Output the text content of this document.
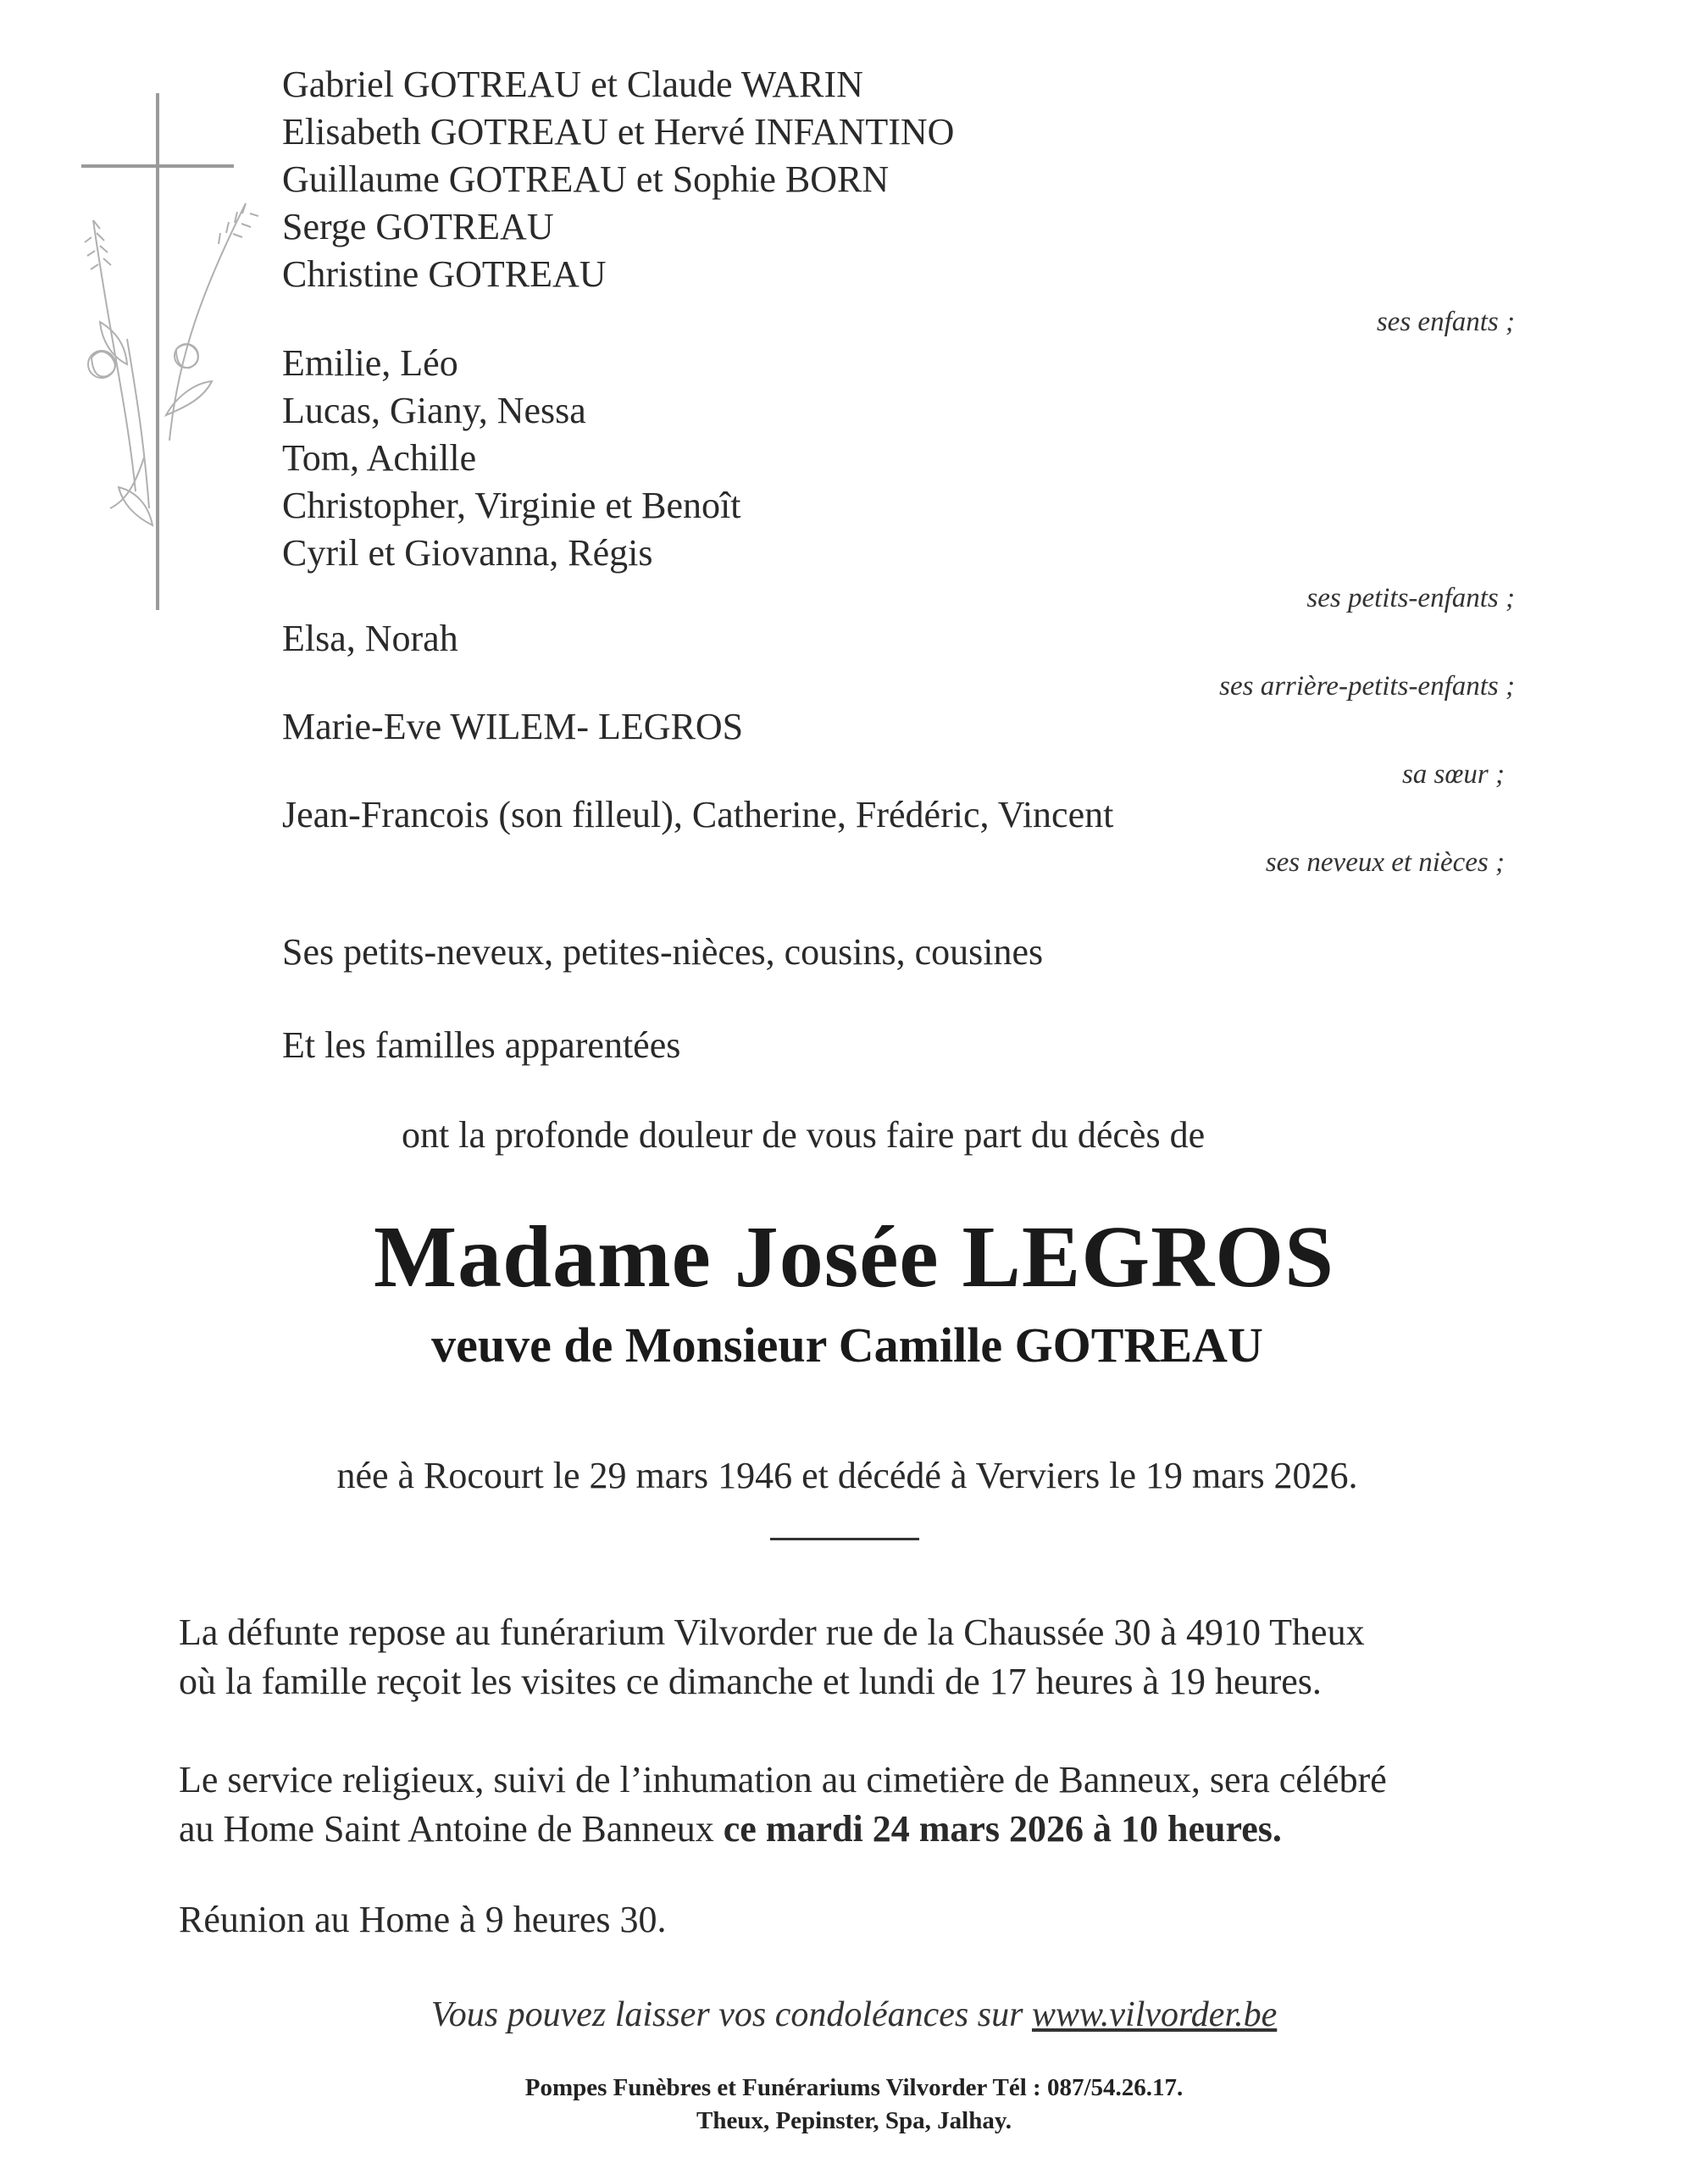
Gabriel GOTREAU et Claude WARIN
Elisabeth GOTREAU et Hervé INFANTINO
Guillaume GOTREAU et Sophie BORN
Serge GOTREAU
Christine GOTREAU
ses enfants ;
Emilie, Léo
Lucas, Giany, Nessa
Tom, Achille
Christopher, Virginie et Benoît
Cyril et Giovanna, Régis
ses petits-enfants ;
Elsa, Norah
ses arrière-petits-enfants ;
Marie-Eve WILEM- LEGROS
sa sœur ;
Jean-Francois (son filleul), Catherine, Frédéric, Vincent
ses neveux et nièces ;
Ses petits-neveux, petites-nièces, cousins, cousines
Et les familles apparentées
ont la profonde douleur de vous faire part du décès de
Madame Josée LEGROS
veuve de Monsieur Camille GOTREAU
née à Rocourt le 29 mars 1946 et décédé à Verviers le 19 mars 2026.
La défunte repose au funérarium Vilvorder rue de la Chaussée 30 à 4910 Theux
où la famille reçoit les visites ce dimanche et lundi de 17 heures à 19 heures.
Le service religieux, suivi de l’inhumation au cimetière de Banneux, sera célébré
au Home Saint Antoine de Banneux ce mardi 24 mars 2026 à 10 heures.
Réunion au Home à 9 heures 30.
Vous pouvez laisser vos condoléances sur www.vilvorder.be
Pompes Funèbres et Funérariums Vilvorder Tél : 087/54.26.17.
Theux, Pepinster, Spa, Jalhay.
